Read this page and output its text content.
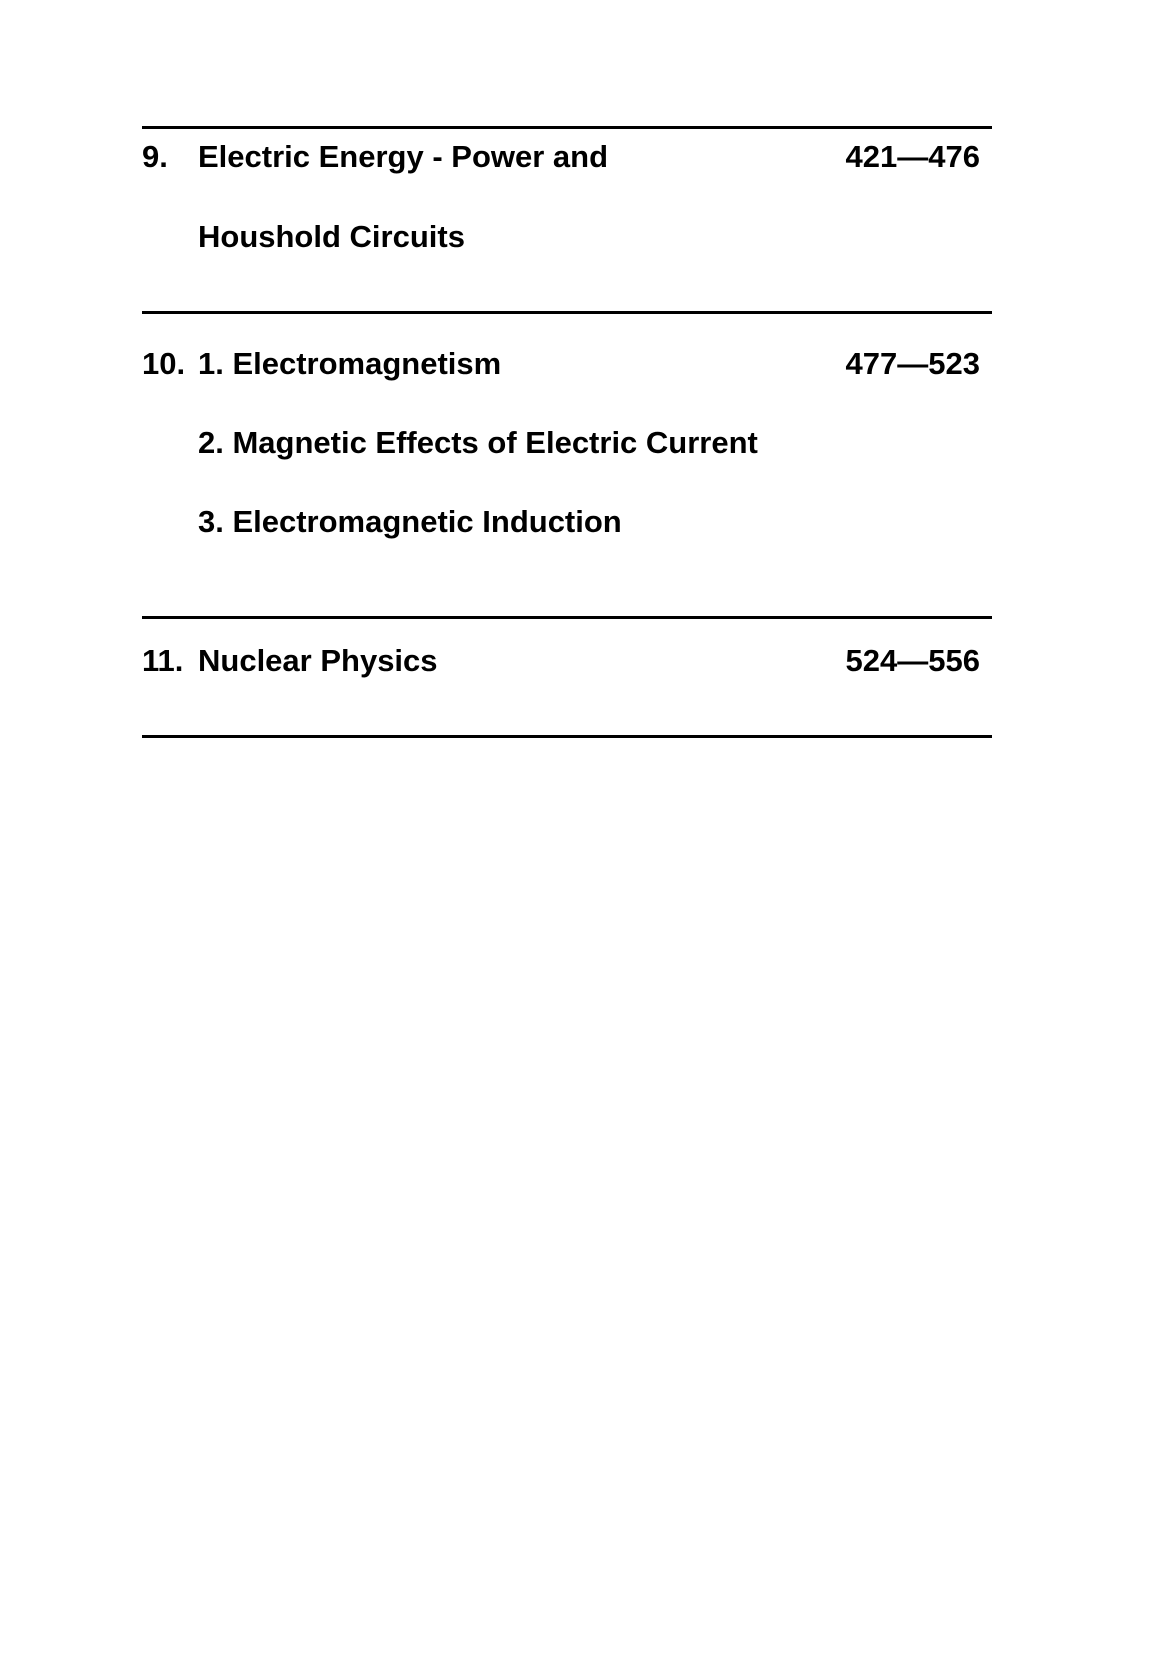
9. Electric Energy - Power and	421—476
Houshold Circuits
10. 1. Electromagnetism	477—523
2. Magnetic Effects of Electric Current
3. Electromagnetic Induction
11. Nuclear Physics	524—556
